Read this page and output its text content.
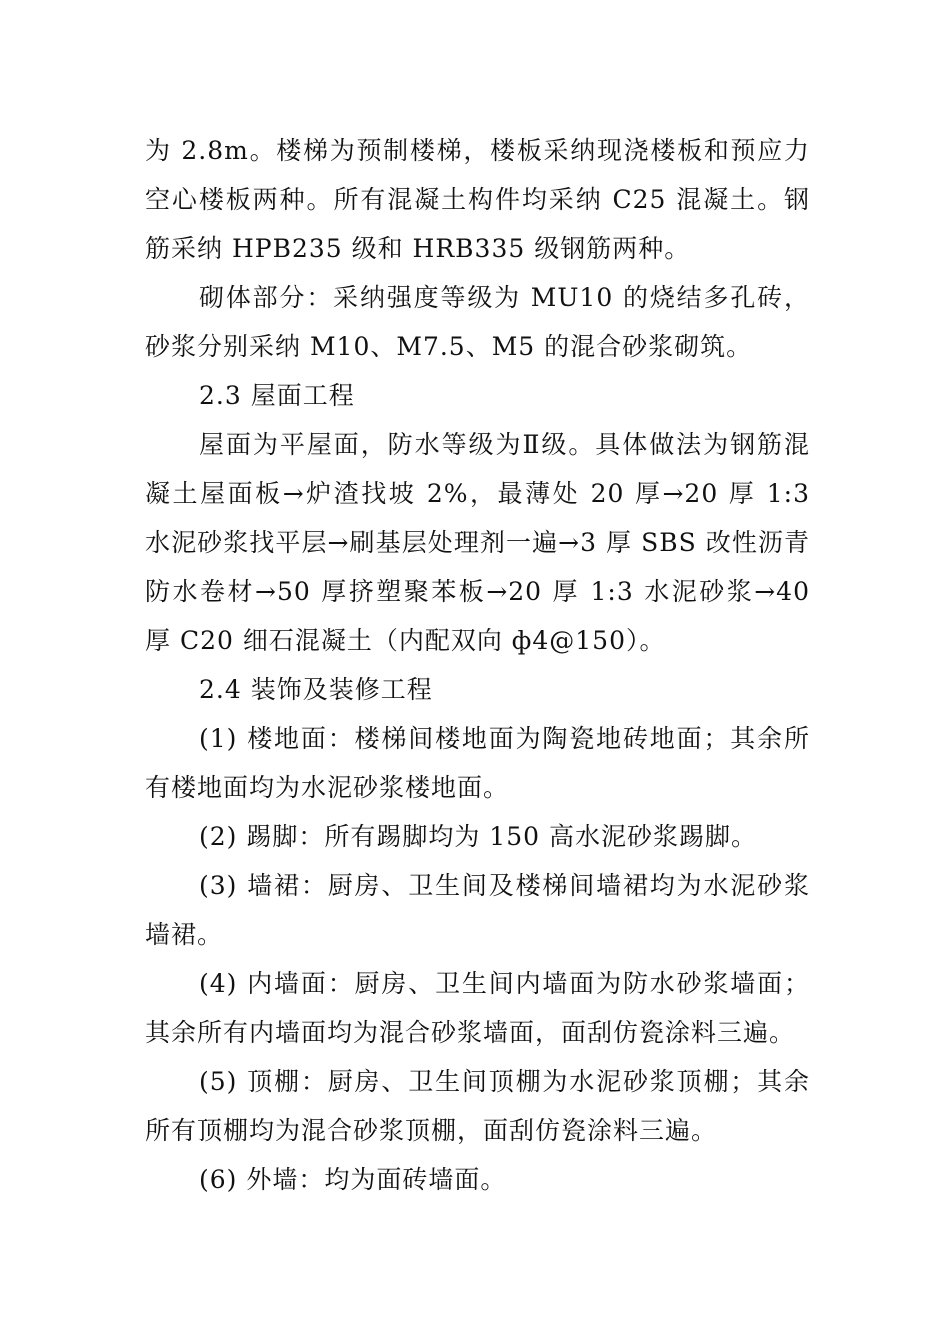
为 2.8m。楼梯为预制楼梯，楼板采纳现浇楼板和预应力空心楼板两种。所有混凝土构件均采纳 C25 混凝土。钢筋采纳 HPB235 级和 HRB335 级钢筋两种。

砌体部分：采纳强度等级为 MU10 的烧结多孔砖，砂浆分别采纳 M10、M7.5、M5 的混合砂浆砌筑。

2.3 屋面工程

屋面为平屋面，防水等级为Ⅱ级。具体做法为钢筋混凝土屋面板→炉渣找坡 2%，最薄处 20 厚→20 厚 1:3 水泥砂浆找平层→刷基层处理剂一遍→3 厚 SBS 改性沥青防水卷材→50 厚挤塑聚苯板→20 厚 1:3 水泥砂浆→40 厚 C20 细石混凝土（内配双向 ф4@150）。

2.4 装饰及装修工程

(1) 楼地面：楼梯间楼地面为陶瓷地砖地面；其余所有楼地面均为水泥砂浆楼地面。

(2) 踢脚：所有踢脚均为 150 高水泥砂浆踢脚。

(3) 墙裙：厨房、卫生间及楼梯间墙裙均为水泥砂浆墙裙。

(4) 内墙面：厨房、卫生间内墙面为防水砂浆墙面；其余所有内墙面均为混合砂浆墙面，面刮仿瓷涂料三遍。

(5) 顶棚：厨房、卫生间顶棚为水泥砂浆顶棚；其余所有顶棚均为混合砂浆顶棚，面刮仿瓷涂料三遍。

(6) 外墙：均为面砖墙面。
